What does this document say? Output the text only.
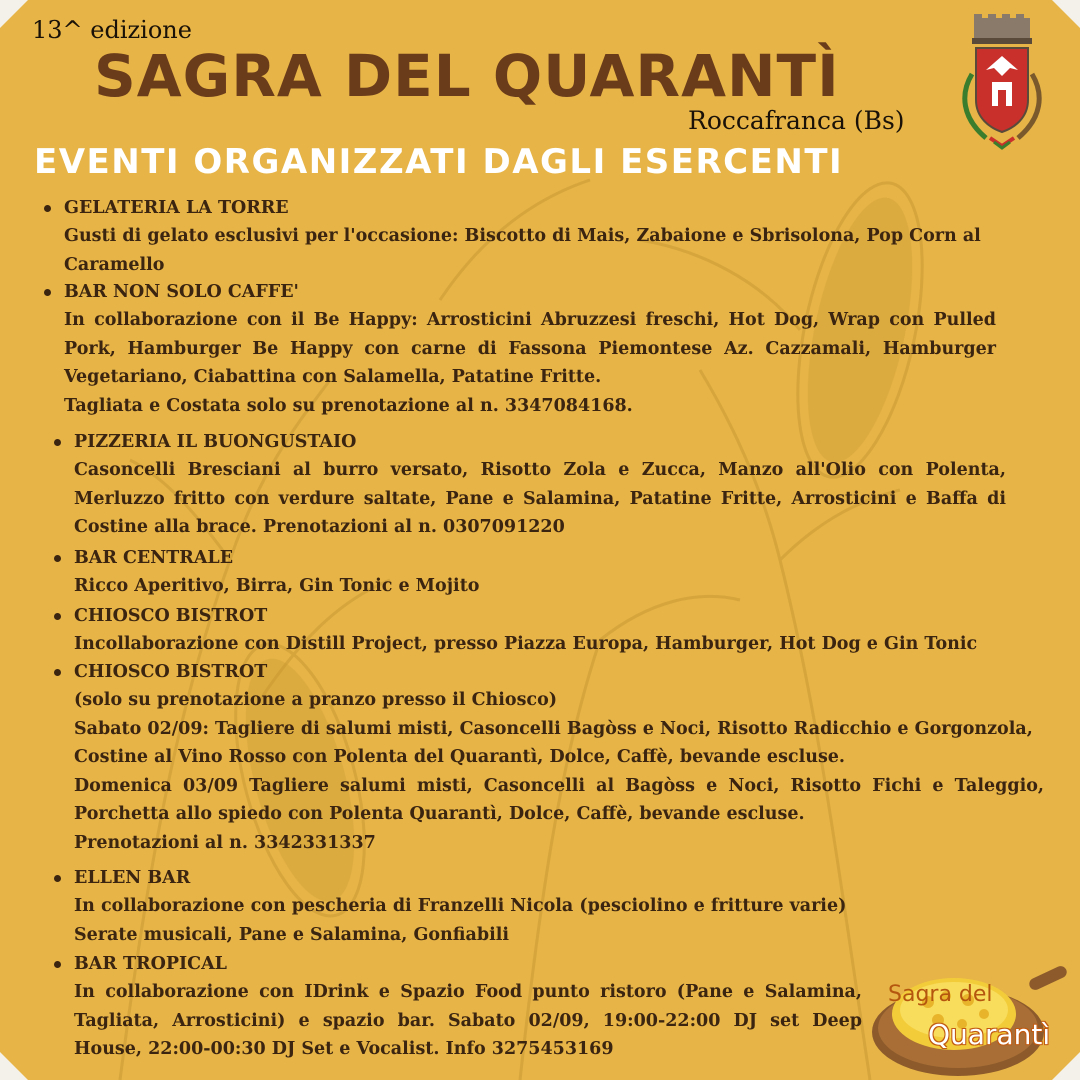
13^ edizione
SAGRA DEL QUARANTÌ
Roccafranca (Bs)
EVENTI ORGANIZZATI DAGLI ESERCENTI
GELATERIA LA TORRE
Gusti di gelato esclusivi per l'occasione: Biscotto di Mais, Zabaione e Sbrisolona, Pop Corn al
Caramello
BAR NON SOLO CAFFE'
In collaborazione con il Be Happy: Arrosticini Abruzzesi freschi, Hot Dog, Wrap con Pulled
Pork, Hamburger Be Happy con carne di Fassona Piemontese Az. Cazzamali, Hamburger
Vegetariano, Ciabattina con Salamella, Patatine Fritte.
Tagliata e Costata solo su prenotazione al n. 3347084168.
PIZZERIA IL BUONGUSTAIO
Casoncelli Bresciani al burro versato, Risotto Zola e Zucca, Manzo all'Olio con Polenta,
Merluzzo fritto con verdure saltate, Pane e Salamina, Patatine Fritte, Arrosticini e Baffa di
Costine alla brace. Prenotazioni al n. 0307091220
BAR CENTRALE
Ricco Aperitivo, Birra, Gin Tonic e Mojito
CHIOSCO BISTROT
Incollaborazione con Distill Project, presso Piazza Europa, Hamburger, Hot Dog e Gin Tonic
CHIOSCO BISTROT
(solo su prenotazione a pranzo presso il Chiosco)
Sabato 02/09: Tagliere di salumi misti, Casoncelli Bagòss e Noci, Risotto Radicchio e Gorgonzola,
Costine al Vino Rosso con Polenta del Quarantì, Dolce, Caffè, bevande escluse.
Domenica 03/09 Tagliere salumi misti, Casoncelli al Bagòss e Noci, Risotto Fichi e Taleggio,
Porchetta allo spiedo con Polenta Quarantì, Dolce, Caffè, bevande escluse.
Prenotazioni al n. 3342331337
ELLEN BAR
In collaborazione con pescheria di Franzelli Nicola (pesciolino e fritture varie)
Serate musicali, Pane e Salamina, Gonfiabili
BAR TROPICAL
In collaborazione con IDrink e Spazio Food punto ristoro (Pane e Salamina,
Tagliata, Arrosticini) e spazio bar. Sabato 02/09, 19:00-22:00 DJ set Deep
House, 22:00-00:30 DJ Set e Vocalist. Info 3275453169
Sagra del
Quarantì
